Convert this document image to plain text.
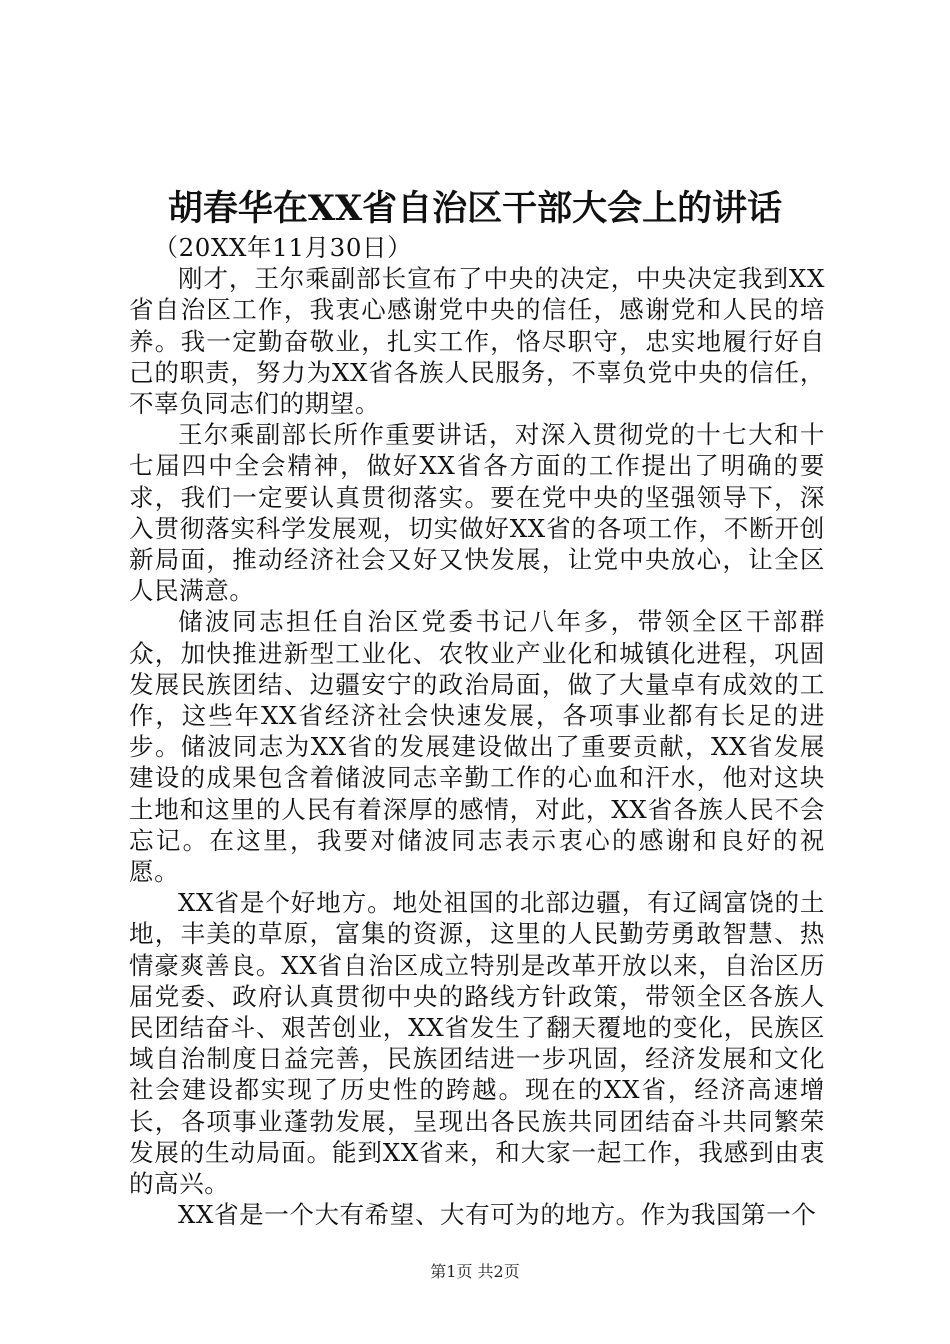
胡春华在XX省自治区干部大会上的讲话

（20XX年11月30日）

刚才，王尔乘副部长宣布了中央的决定，中央决定我到XX省自治区工作，我衷心感谢党中央的信任，感谢党和人民的培养。我一定勤奋敬业，扎实工作，恪尽职守，忠实地履行好自己的职责，努力为XX省各族人民服务，不辜负党中央的信任，不辜负同志们的期望。

王尔乘副部长所作重要讲话，对深入贯彻党的十七大和十七届四中全会精神，做好XX省各方面的工作提出了明确的要求，我们一定要认真贯彻落实。要在党中央的坚强领导下，深入贯彻落实科学发展观，切实做好XX省的各项工作，不断开创新局面，推动经济社会又好又快发展，让党中央放心，让全区人民满意。

储波同志担任自治区党委书记八年多，带领全区干部群众，加快推进新型工业化、农牧业产业化和城镇化进程，巩固发展民族团结、边疆安宁的政治局面，做了大量卓有成效的工作，这些年XX省经济社会快速发展，各项事业都有长足的进步。储波同志为XX省的发展建设做出了重要贡献，XX省发展建设的成果包含着储波同志辛勤工作的心血和汗水，他对这块土地和这里的人民有着深厚的感情，对此，XX省各族人民不会忘记。在这里，我要对储波同志表示衷心的感谢和良好的祝愿。

XX省是个好地方。地处祖国的北部边疆，有辽阔富饶的土地，丰美的草原，富集的资源，这里的人民勤劳勇敢智慧、热情豪爽善良。XX省自治区成立特别是改革开放以来，自治区历届党委、政府认真贯彻中央的路线方针政策，带领全区各族人民团结奋斗、艰苦创业，XX省发生了翻天覆地的变化，民族区域自治制度日益完善，民族团结进一步巩固，经济发展和文化社会建设都实现了历史性的跨越。现在的XX省，经济高速增长，各项事业蓬勃发展，呈现出各民族共同团结奋斗共同繁荣发展的生动局面。能到XX省来，和大家一起工作，我感到由衷的高兴。

XX省是一个大有希望、大有可为的地方。作为我国第一个

第1页 共2页
